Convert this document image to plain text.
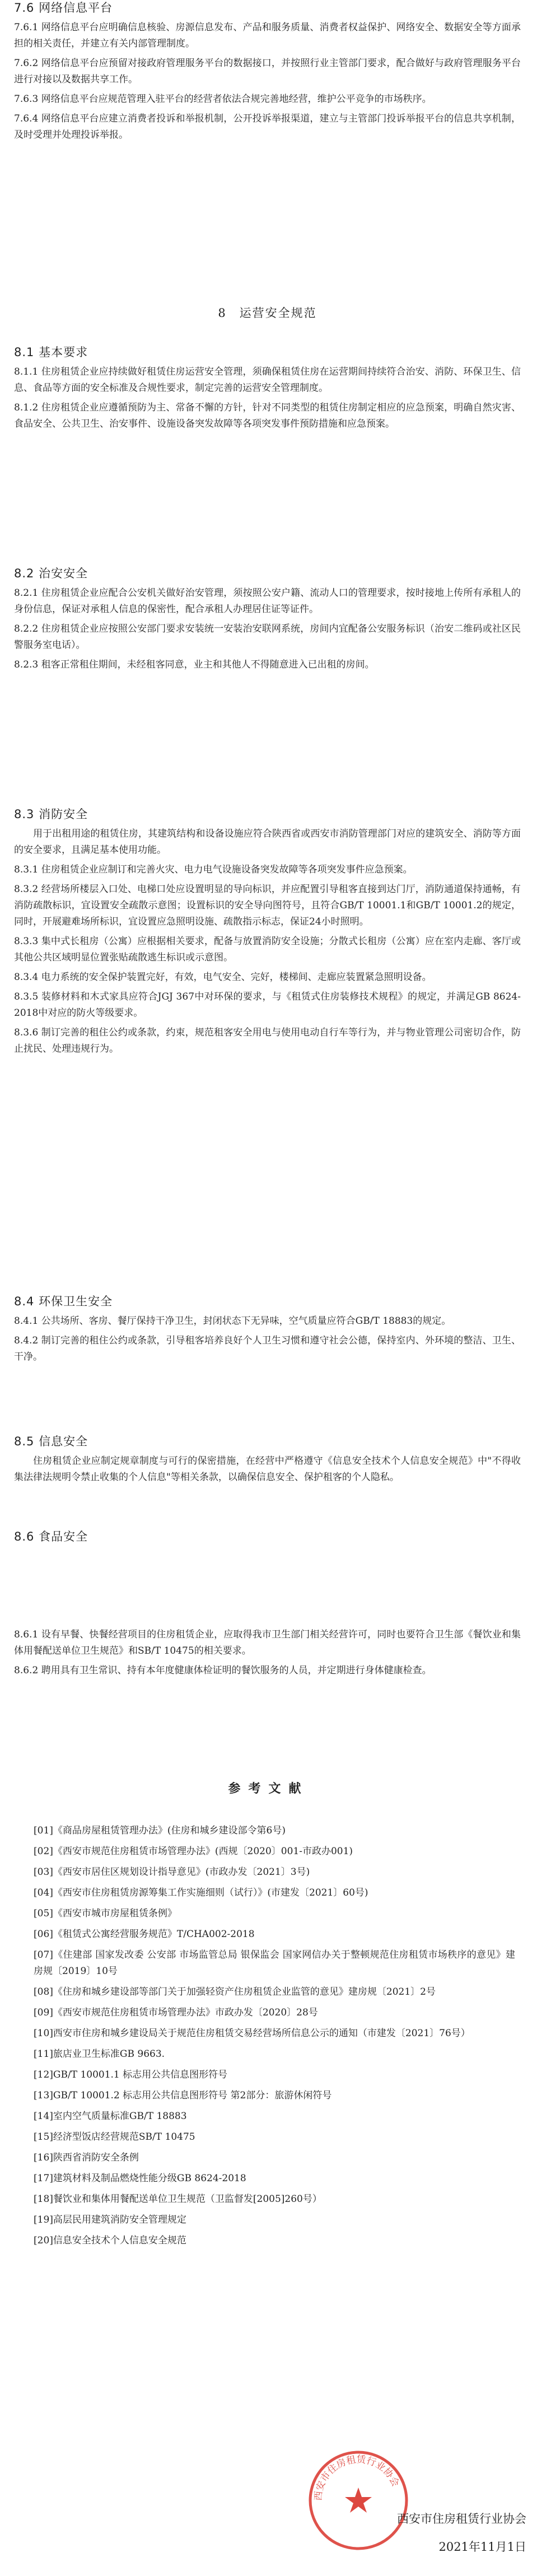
7.6 网络信息平台

7.6.1 网络信息平台应明确信息核验、房源信息发布、产品和服务质量、消费者权益保护、网络安全、数据安全等方面承担的相关责任，并建立有关内部管理制度。

7.6.2 网络信息平台应预留对接政府管理服务平台的数据接口，并按照行业主管部门要求，配合做好与政府管理服务平台进行对接以及数据共享工作。

7.6.3 网络信息平台应规范管理入驻平台的经营者依法合规完善地经营，维护公平竞争的市场秩序。

7.6.4 网络信息平台应建立消费者投诉和举报机制，公开投诉举报渠道，建立与主管部门投诉举报平台的信息共享机制，及时受理并处理投诉举报。

8　运营安全规范
8.1 基本要求

8.1.1 住房租赁企业应持续做好租赁住房运营安全管理，须确保租赁住房在运营期间持续符合治安、消防、环保卫生、信息、食品等方面的安全标准及合规性要求，制定完善的运营安全管理制度。

8.1.2 住房租赁企业应遵循预防为主、常备不懈的方针，针对不同类型的租赁住房制定相应的应急预案，明确自然灾害、食品安全、公共卫生、治安事件、设施设备突发故障等各项突发事件预防措施和应急预案。

8.2 治安安全

8.2.1 住房租赁企业应配合公安机关做好治安管理，须按照公安户籍、流动人口的管理要求，按时接地上传所有承租人的身份信息，保证对承租人信息的保密性，配合承租人办理居住证等证件。

8.2.2 住房租赁企业应按照公安部门要求安装统一安装治安联网系统，房间内宜配备公安服务标识（治安二维码或社区民警服务室电话）。

8.2.3 租客正常租住期间，未经租客同意，业主和其他人不得随意进入已出租的房间。

8.3 消防安全

用于出租用途的租赁住房，其建筑结构和设备设施应符合陕西省或西安市消防管理部门对应的建筑安全、消防等方面的安全要求，且满足基本使用功能。

8.3.1 住房租赁企业应制订和完善火灾、电力电气设施设备突发故障等各项突发事件应急预案。

8.3.2 经营场所楼层入口处、电梯口处应设置明显的导向标识，并应配置引导租客直接到达门厅，消防通道保持通畅，有消防疏散标识，宜设置安全疏散示意图；设置标识的安全导向图符号，且符合GB/T 10001.1和GB/T 10001.2的规定，同时，开展避难场所标识，宜设置应急照明设施、疏散指示标志，保证24小时照明。

8.3.3 集中式长租房（公寓）应根据相关要求，配备与放置消防安全设施；分散式长租房（公寓）应在室内走廊、客厅或其他公共区域明显位置张贴疏散逃生标识或示意图。

8.3.4 电力系统的安全保护装置完好，有效，电气安全、完好，楼梯间、走廊应装置紧急照明设备。

8.3.5 装修材料和木式家具应符合JGJ 367中对环保的要求，与《租赁式住房装修技术规程》的规定，并满足GB 8624-2018中对应的防火等级要求。

8.3.6 制订完善的租住公约或条款，约束，规范租客安全用电与使用电动自行车等行为，并与物业管理公司密切合作，防止扰民、处理违规行为。

8.4 环保卫生安全

8.4.1 公共场所、客房、餐厅保持干净卫生，封闭状态下无异味，空气质量应符合GB/T 18883的规定。

8.4.2 制订完善的租住公约或条款，引导租客培养良好个人卫生习惯和遵守社会公德，保持室内、外环境的整洁、卫生、干净。

8.5 信息安全

住房租赁企业应制定规章制度与可行的保密措施，在经营中严格遵守《信息安全技术个人信息安全规范》中"不得收集法律法规明令禁止收集的个人信息"等相关条款，以确保信息安全、保护租客的个人隐私。

8.6 食品安全

8.6.1 设有早餐、快餐经营项目的住房租赁企业，应取得我市卫生部门相关经营许可，同时也要符合卫生部《餐饮业和集体用餐配送单位卫生规范》和SB/T 10475的相关要求。

8.6.2 聘用具有卫生常识、持有本年度健康体检证明的餐饮服务的人员，并定期进行身体健康检查。

参考文献

[01]《商品房屋租赁管理办法》(住房和城乡建设部令第6号)

[02]《西安市规范住房租赁市场管理办法》(西规〔2020〕001-市政办001)

[03]《西安市居住区规划设计指导意见》(市政办发〔2021〕3号)

[04]《西安市住房租赁房源筹集工作实施细则（试行）》(市建发〔2021〕60号)

[05]《西安市城市房屋租赁条例》

[06]《租赁式公寓经营服务规范》T/CHA002-2018

[07]《住建部 国家发改委 公安部 市场监管总局 银保监会 国家网信办关于整顿规范住房租赁市场秩序的意见》建房规〔2019〕10号

[08]《住房和城乡建设部等部门关于加强轻资产住房租赁企业监管的意见》建房规〔2021〕2号

[09]《西安市规范住房租赁市场管理办法》市政办发〔2020〕28号

[10]西安市住房和城乡建设局关于规范住房租赁交易经营场所信息公示的通知（市建发〔2021〕76号）

[11]旅店业卫生标准GB 9663.

[12]GB/T 10001.1 标志用公共信息图形符号

[13]GB/T 10001.2 标志用公共信息图形符号 第2部分：旅游休闲符号

[14]室内空气质量标准GB/T 18883

[15]经济型饭店经营规范SB/T 10475

[16]陕西省消防安全条例

[17]建筑材料及制品燃烧性能分级GB 8624-2018

[18]餐饮业和集体用餐配送单位卫生规范（卫监督发[2005]260号）

[19]高层民用建筑消防安全管理规定

[20]信息安全技术个人信息安全规范

西安市住房租赁行业协会
西安市住房租赁行业协会
2021年11月1日
